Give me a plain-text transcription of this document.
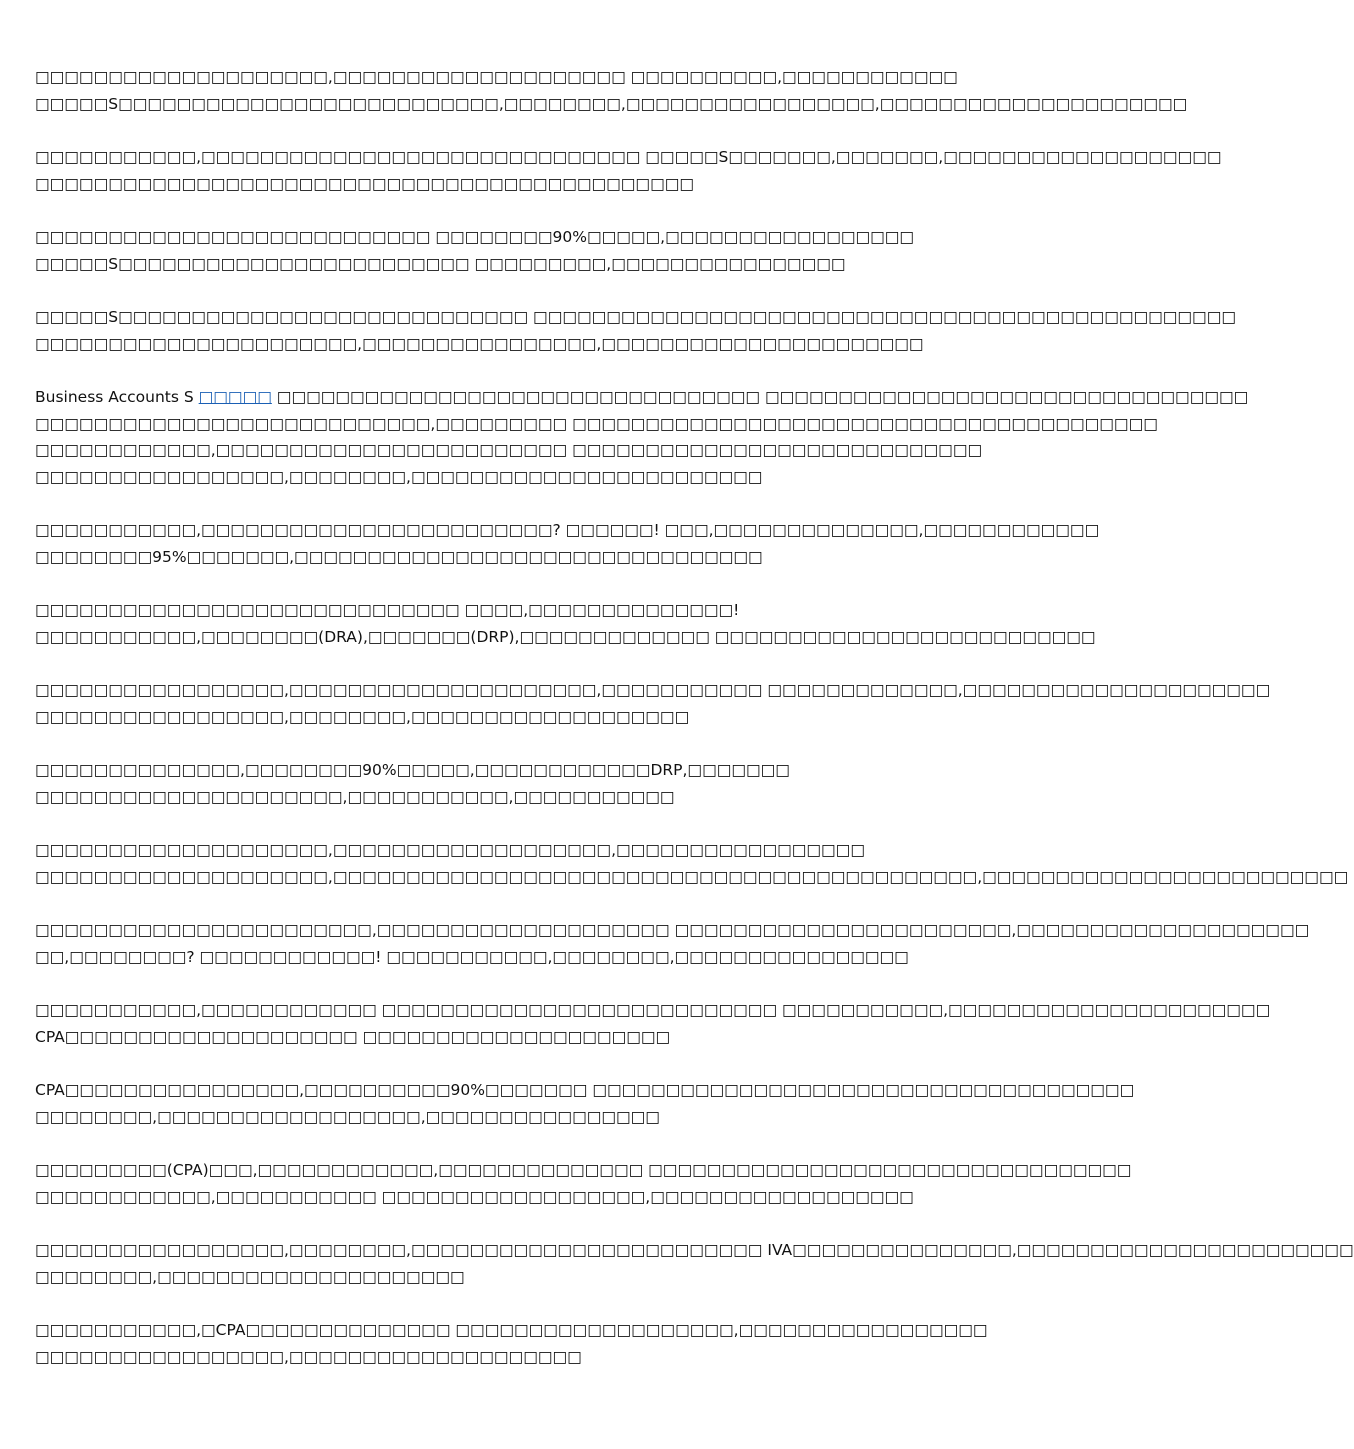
□□□□□□□□□□□□□□□□□□□□,□□□□□□□□□□□□□□□□□□□□ □□□□□□□□□□,□□□□□□□□□□□□
□□□□□S□□□□□□□□□□□□□□□□□□□□□□□□□□,□□□□□□□□,□□□□□□□□□□□□□□□□□,□□□□□□□□□□□□□□□□□□□□□

□□□□□□□□□□□,□□□□□□□□□□□□□□□□□□□□□□□□□□□□□□ □□□□□S□□□□□□□,□□□□□□□,□□□□□□□□□□□□□□□□□□□
□□□□□□□□□□□□□□□□□□□□□□□□□□□□□□□□□□□□□□□□□□□□□

□□□□□□□□□□□□□□□□□□□□□□□□□□□ □□□□□□□□90%□□□□□,□□□□□□□□□□□□□□□□□
□□□□□S□□□□□□□□□□□□□□□□□□□□□□□□ □□□□□□□□□,□□□□□□□□□□□□□□□□

□□□□□S□□□□□□□□□□□□□□□□□□□□□□□□□□□□ □□□□□□□□□□□□□□□□□□□□□□□□□□□□□□□□□□□□□□□□□□□□□□□□
□□□□□□□□□□□□□□□□□□□□□□,□□□□□□□□□□□□□□□□,□□□□□□□□□□□□□□□□□□□□□□

Business Accounts S □□□□□ □□□□□□□□□□□□□□□□□□□□□□□□□□□□□□□□□ □□□□□□□□□□□□□□□□□□□□□□□□□□□□□□□□□
□□□□□□□□□□□□□□□□□□□□□□□□□□□,□□□□□□□□□ □□□□□□□□□□□□□□□□□□□□□□□□□□□□□□□□□□□□□□□□
□□□□□□□□□□□□,□□□□□□□□□□□□□□□□□□□□□□□□ □□□□□□□□□□□□□□□□□□□□□□□□□□□□
□□□□□□□□□□□□□□□□□,□□□□□□□□,□□□□□□□□□□□□□□□□□□□□□□□□

□□□□□□□□□□□,□□□□□□□□□□□□□□□□□□□□□□□□? □□□□□□! □□□,□□□□□□□□□□□□□□,□□□□□□□□□□□□
□□□□□□□□95%□□□□□□□,□□□□□□□□□□□□□□□□□□□□□□□□□□□□□□□□

□□□□□□□□□□□□□□□□□□□□□□□□□□□□□ □□□□,□□□□□□□□□□□□□□!
□□□□□□□□□□□,□□□□□□□□(DRA),□□□□□□□(DRP),□□□□□□□□□□□□□ □□□□□□□□□□□□□□□□□□□□□□□□□□

□□□□□□□□□□□□□□□□□,□□□□□□□□□□□□□□□□□□□□□,□□□□□□□□□□□ □□□□□□□□□□□□□,□□□□□□□□□□□□□□□□□□□□□
□□□□□□□□□□□□□□□□□,□□□□□□□□,□□□□□□□□□□□□□□□□□□□

□□□□□□□□□□□□□□,□□□□□□□□90%□□□□□,□□□□□□□□□□□□DRP,□□□□□□□
□□□□□□□□□□□□□□□□□□□□□,□□□□□□□□□□□,□□□□□□□□□□□

□□□□□□□□□□□□□□□□□□□□,□□□□□□□□□□□□□□□□□□□,□□□□□□□□□□□□□□□□□
□□□□□□□□□□□□□□□□□□□□,□□□□□□□□□□□□□□□□□□□□□□□□□□□□□□□□□□□□□□□□□□□□,□□□□□□□□□□□□□□□□□□□□□□□□□

□□□□□□□□□□□□□□□□□□□□□□□,□□□□□□□□□□□□□□□□□□□□ □□□□□□□□□□□□□□□□□□□□□□□,□□□□□□□□□□□□□□□□□□□□
□□,□□□□□□□□? □□□□□□□□□□□□! □□□□□□□□□□□,□□□□□□□□,□□□□□□□□□□□□□□□□

□□□□□□□□□□□,□□□□□□□□□□□□ □□□□□□□□□□□□□□□□□□□□□□□□□□□ □□□□□□□□□□□,□□□□□□□□□□□□□□□□□□□□□□
CPA□□□□□□□□□□□□□□□□□□□□ □□□□□□□□□□□□□□□□□□□□□

CPA□□□□□□□□□□□□□□□□,□□□□□□□□□□90%□□□□□□□ □□□□□□□□□□□□□□□□□□□□□□□□□□□□□□□□□□□□□
□□□□□□□□,□□□□□□□□□□□□□□□□□□,□□□□□□□□□□□□□□□□

□□□□□□□□□(CPA)□□□,□□□□□□□□□□□□,□□□□□□□□□□□□□□ □□□□□□□□□□□□□□□□□□□□□□□□□□□□□□□□□
□□□□□□□□□□□□,□□□□□□□□□□□ □□□□□□□□□□□□□□□□□□,□□□□□□□□□□□□□□□□□□

□□□□□□□□□□□□□□□□□,□□□□□□□□,□□□□□□□□□□□□□□□□□□□□□□□□ IVA□□□□□□□□□□□□□□□,□□□□□□□□□□□□□□□□□□□□□□□
□□□□□□□□,□□□□□□□□□□□□□□□□□□□□□

□□□□□□□□□□□,□CPA□□□□□□□□□□□□□□ □□□□□□□□□□□□□□□□□□□,□□□□□□□□□□□□□□□□□
□□□□□□□□□□□□□□□□□,□□□□□□□□□□□□□□□□□□□□
